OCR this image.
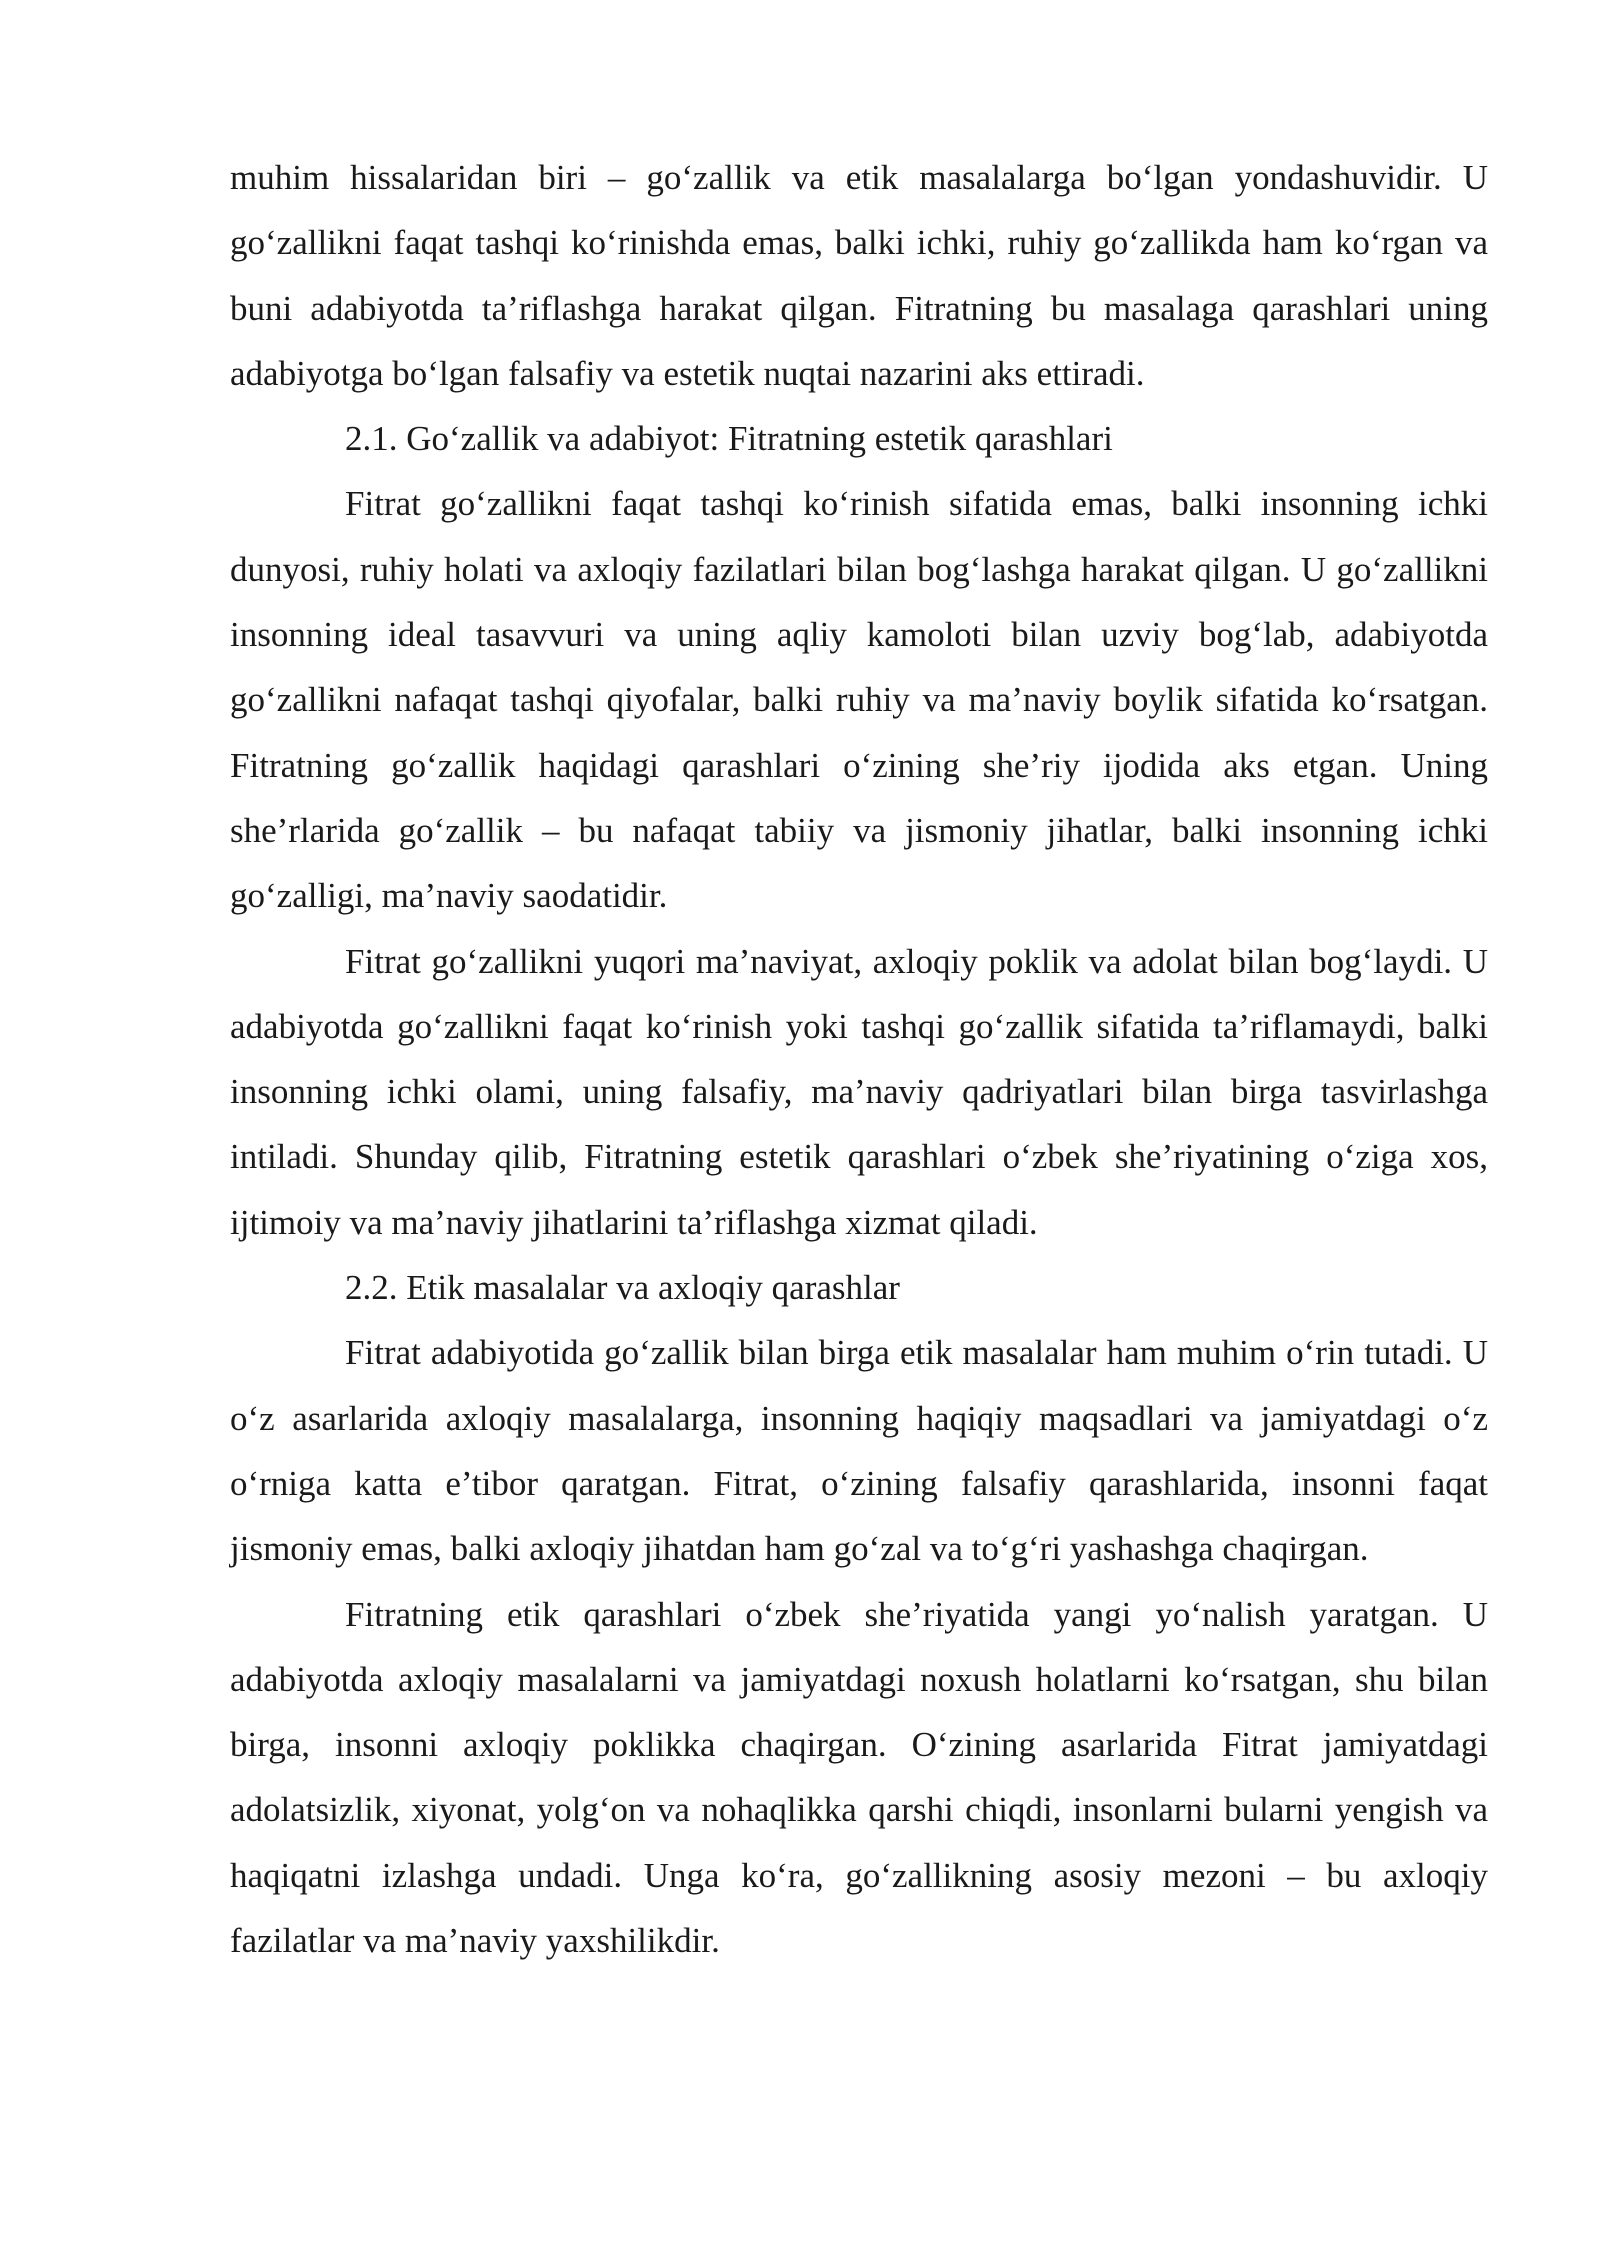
muhim hissalaridan biri – go‘zallik va etik masalalarga bo‘lgan yondashuvidir. U go‘zallikni faqat tashqi ko‘rinishda emas, balki ichki, ruhiy go‘zallikda ham ko‘rgan va buni adabiyotda ta’riflashga harakat qilgan. Fitratning bu masalaga qarashlari uning adabiyotga bo‘lgan falsafiy va estetik nuqtai nazarini aks ettiradi.

2.1. Go‘zallik va adabiyot: Fitratning estetik qarashlari

Fitrat go‘zallikni faqat tashqi ko‘rinish sifatida emas, balki insonning ichki dunyosi, ruhiy holati va axloqiy fazilatlari bilan bog‘lashga harakat qilgan. U go‘zallikni insonning ideal tasavvuri va uning aqliy kamoloti bilan uzviy bog‘lab, adabiyotda go‘zallikni nafaqat tashqi qiyofalar, balki ruhiy va ma’naviy boylik sifatida ko‘rsatgan. Fitratning go‘zallik haqidagi qarashlari o‘zining she’riy ijodida aks etgan. Uning she’rlarida go‘zallik – bu nafaqat tabiiy va jismoniy jihatlar, balki insonning ichki go‘zalligi, ma’naviy saodatidir.

Fitrat go‘zallikni yuqori ma’naviyat, axloqiy poklik va adolat bilan bog‘laydi. U adabiyotda go‘zallikni faqat ko‘rinish yoki tashqi go‘zallik sifatida ta’riflamaydi, balki insonning ichki olami, uning falsafiy, ma’naviy qadriyatlari bilan birga tasvirlashga intiladi. Shunday qilib, Fitratning estetik qarashlari o‘zbek she’riyatining o‘ziga xos, ijtimoiy va ma’naviy jihatlarini ta’riflashga xizmat qiladi.

2.2. Etik masalalar va axloqiy qarashlar

Fitrat adabiyotida go‘zallik bilan birga etik masalalar ham muhim o‘rin tutadi. U o‘z asarlarida axloqiy masalalarga, insonning haqiqiy maqsadlari va jamiyatdagi o‘z o‘rniga katta e’tibor qaratgan. Fitrat, o‘zining falsafiy qarashlarida, insonni faqat jismoniy emas, balki axloqiy jihatdan ham go‘zal va to‘g‘ri yashashga chaqirgan.

Fitratning etik qarashlari o‘zbek she’riyatida yangi yo‘nalish yaratgan. U adabiyotda axloqiy masalalarni va jamiyatdagi noxush holatlarni ko‘rsatgan, shu bilan birga, insonni axloqiy poklikka chaqirgan. O‘zining asarlarida Fitrat jamiyatdagi adolatsizlik, xiyonat, yolg‘on va nohaqlikka qarshi chiqdi, insonlarni bularni yengish va haqiqatni izlashga undadi. Unga ko‘ra, go‘zallikning asosiy mezoni – bu axloqiy fazilatlar va ma’naviy yaxshilikdir.
